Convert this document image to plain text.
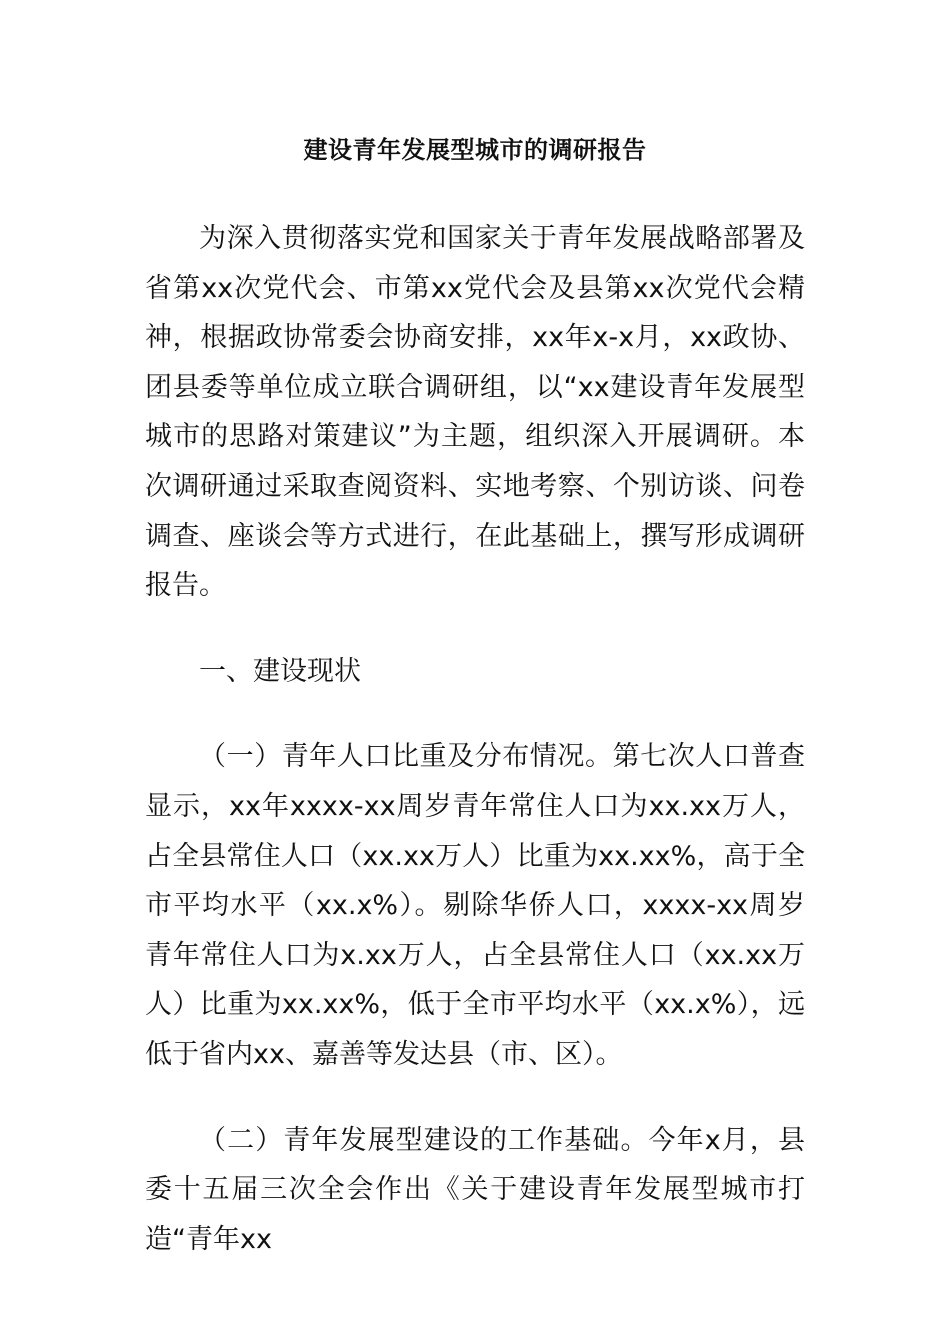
建设青年发展型城市的调研报告

为深入贯彻落实党和国家关于青年发展战略部署及省第xx次党代会、市第xx党代会及县第xx次党代会精神，根据政协常委会协商安排，xx年x-x月，xx政协、团县委等单位成立联合调研组，以“xx建设青年发展型城市的思路对策建议”为主题，组织深入开展调研。本次调研通过采取查阅资料、实地考察、个别访谈、问卷调查、座谈会等方式进行，在此基础上，撰写形成调研报告。

一、建设现状

（一）青年人口比重及分布情况。第七次人口普查显示，xx年xxxx-xx周岁青年常住人口为xx.xx万人，占全县常住人口（xx.xx万人）比重为xx.xx%，高于全市平均水平（xx.x%）。剔除华侨人口，xxxx-xx周岁青年常住人口为x.xx万人，占全县常住人口（xx.xx万人）比重为xx.xx%，低于全市平均水平（xx.x%），远低于省内xx、嘉善等发达县（市、区）。

（二）青年发展型建设的工作基础。今年x月，县委十五届三次全会作出《关于建设青年发展型城市打造“青年xx
